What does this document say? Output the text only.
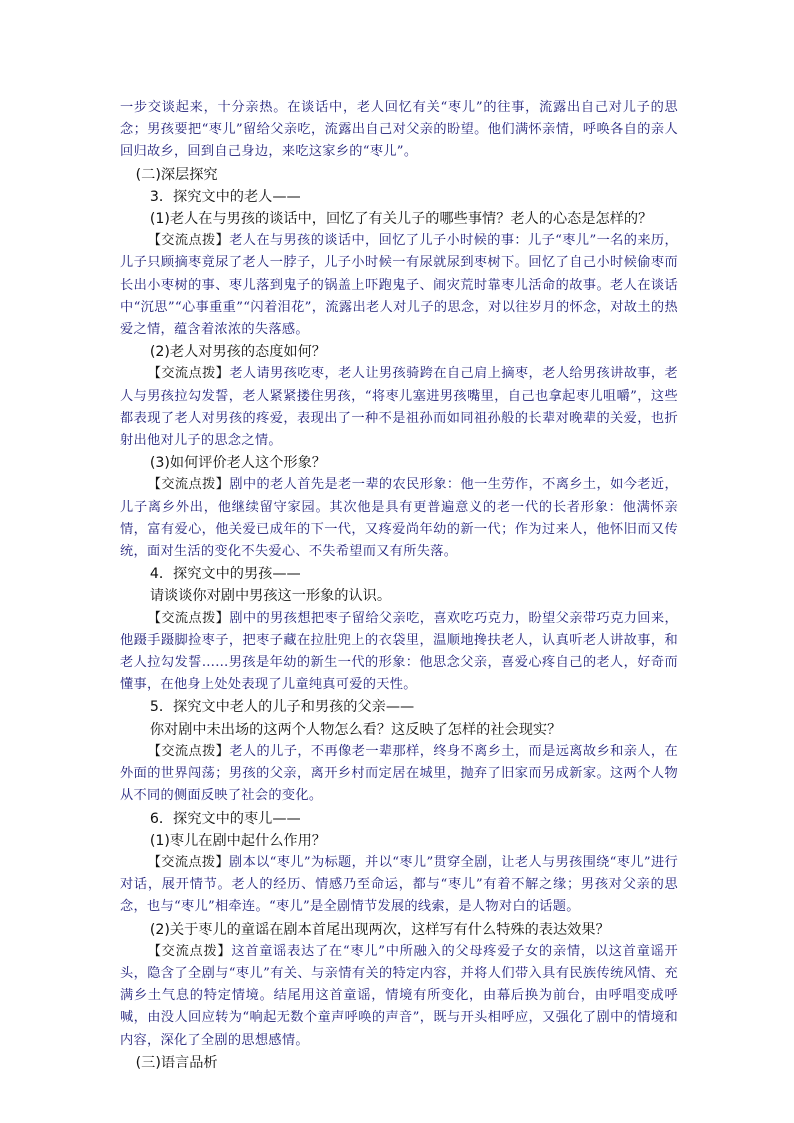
一步交谈起来，十分亲热。在谈话中，老人回忆有关“枣儿”的往事，流露出自己对儿子的思念；男孩要把“枣儿”留给父亲吃，流露出自己对父亲的盼望。他们满怀亲情，呼唤各自的亲人回归故乡，回到自己身边，来吃这家乡的“枣儿”。
(二)深层探究
3．探究文中的老人——
(1)老人在与男孩的谈话中，回忆了有关儿子的哪些事情？老人的心态是怎样的？
【交流点拨】老人在与男孩的谈话中，回忆了儿子小时候的事：儿子“枣儿”一名的来历，儿子只顾摘枣竟尿了老人一脖子，儿子小时候一有尿就尿到枣树下。回忆了自己小时候偷枣而长出小枣树的事、枣儿落到鬼子的锅盖上吓跑鬼子、闹灾荒时靠枣儿活命的故事。老人在谈话中“沉思”“心事重重”“闪着泪花”，流露出老人对儿子的思念，对以往岁月的怀念，对故土的热爱之情，蕴含着浓浓的失落感。
(2)老人对男孩的态度如何？
【交流点拨】老人请男孩吃枣，老人让男孩骑跨在自己肩上摘枣，老人给男孩讲故事，老人与男孩拉勾发誓，老人紧紧搂住男孩，“将枣儿塞进男孩嘴里，自己也拿起枣儿咀嚼”，这些都表现了老人对男孩的疼爱，表现出了一种不是祖孙而如同祖孙般的长辈对晚辈的关爱，也折射出他对儿子的思念之情。
(3)如何评价老人这个形象？
【交流点拨】剧中的老人首先是老一辈的农民形象：他一生劳作，不离乡土，如今老近，儿子离乡外出，他继续留守家园。其次他是具有更普遍意义的老一代的长者形象：他满怀亲情，富有爱心，他关爱已成年的下一代，又疼爱尚年幼的新一代；作为过来人，他怀旧而又传统，面对生活的变化不失爱心、不失希望而又有所失落。
4．探究文中的男孩——
请谈谈你对剧中男孩这一形象的认识。
【交流点拨】剧中的男孩想把枣子留给父亲吃，喜欢吃巧克力，盼望父亲带巧克力回来，他蹑手蹑脚捡枣子，把枣子藏在拉肚兜上的衣袋里，温顺地搀扶老人，认真听老人讲故事，和老人拉勾发誓……男孩是年幼的新生一代的形象：他思念父亲，喜爱心疼自己的老人，好奇而懂事，在他身上处处表现了儿童纯真可爱的天性。
5．探究文中老人的儿子和男孩的父亲——
你对剧中未出场的这两个人物怎么看？这反映了怎样的社会现实？
【交流点拨】老人的儿子，不再像老一辈那样，终身不离乡土，而是远离故乡和亲人，在外面的世界闯荡；男孩的父亲，离开乡村而定居在城里，抛弃了旧家而另成新家。这两个人物从不同的侧面反映了社会的变化。
6．探究文中的枣儿——
(1)枣儿在剧中起什么作用？
【交流点拨】剧本以“枣儿”为标题，并以“枣儿”贯穿全剧，让老人与男孩围绕“枣儿”进行对话，展开情节。老人的经历、情感乃至命运，都与“枣儿”有着不解之缘；男孩对父亲的思念，也与“枣儿”相牵连。“枣儿”是全剧情节发展的线索，是人物对白的话题。
(2)关于枣儿的童谣在剧本首尾出现两次，这样写有什么特殊的表达效果？
【交流点拨】这首童谣表达了在“枣儿”中所融入的父母疼爱子女的亲情，以这首童谣开头，隐含了全剧与“枣儿”有关、与亲情有关的特定内容，并将人们带入具有民族传统风情、充满乡土气息的特定情境。结尾用这首童谣，情境有所变化，由幕后换为前台，由呼唱变成呼喊，由没人回应转为“响起无数个童声呼唤的声音”，既与开头相呼应，又强化了剧中的情境和内容，深化了全剧的思想感情。
(三)语言品析
